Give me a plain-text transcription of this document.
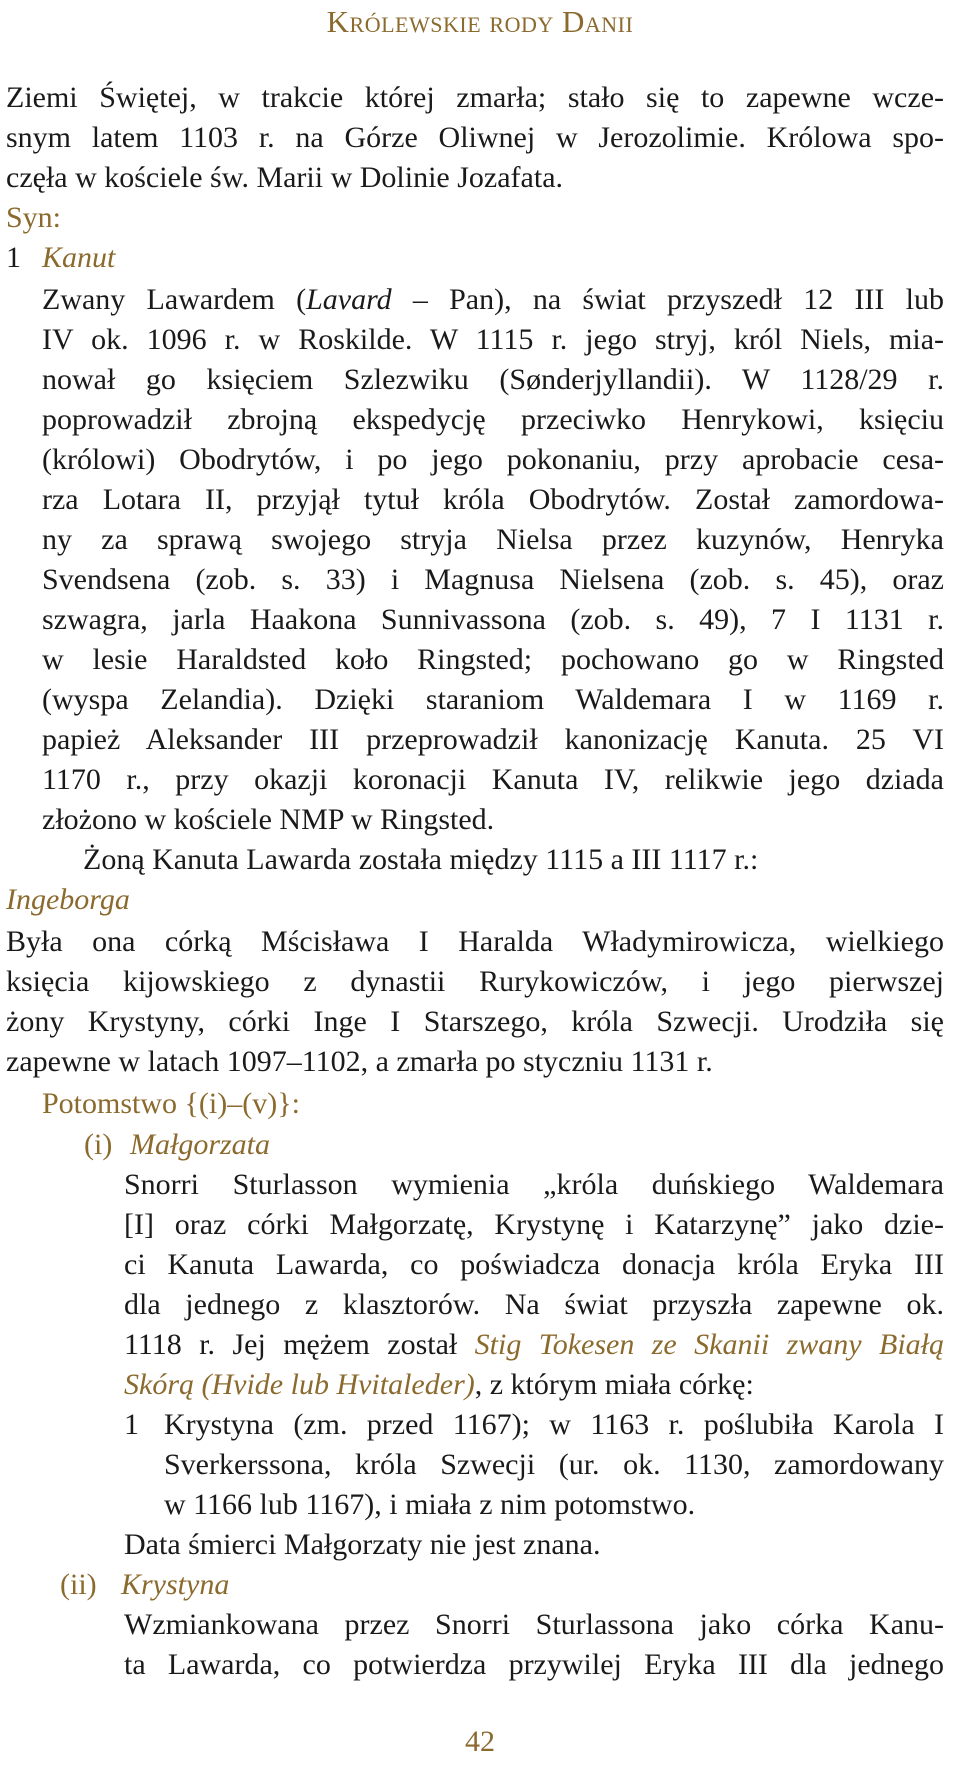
Królewskie rody Danii
Ziemi Świętej, w trakcie której zmarła; stało się to zapewne wcze-
snym latem 1103 r. na Górze Oliwnej w Jerozolimie. Królowa spo-
częła w kościele św. Marii w Dolinie Jozafata.
Syn:
1 Kanut
Zwany Lawardem (Lavard – Pan), na świat przyszedł 12 III lub
IV ok. 1096 r. w Roskilde. W 1115 r. jego stryj, król Niels, mia-
nował go księciem Szlezwiku (Sønderjyllandii). W 1128/29 r.
poprowadził zbrojną ekspedycję przeciwko Henrykowi, księciu
(królowi) Obodrytów, i po jego pokonaniu, przy aprobacie cesa-
rza Lotara II, przyjął tytuł króla Obodrytów. Został zamordowa-
ny za sprawą swojego stryja Nielsa przez kuzynów, Henryka
Svendsena (zob. s. 33) i Magnusa Nielsena (zob. s. 45), oraz
szwagra, jarla Haakona Sunnivassona (zob. s. 49), 7 I 1131 r.
w lesie Haraldsted koło Ringsted; pochowano go w Ringsted
(wyspa Zelandia). Dzięki staraniom Waldemara I w 1169 r.
papież Aleksander III przeprowadził kanonizację Kanuta. 25 VI
1170 r., przy okazji koronacji Kanuta IV, relikwie jego dziada
złożono w kościele NMP w Ringsted.
Żoną Kanuta Lawarda została między 1115 a III 1117 r.:
Ingeborga
Była ona córką Mścisława I Haralda Władymirowicza, wielkiego
księcia kijowskiego z dynastii Rurykowiczów, i jego pierwszej
żony Krystyny, córki Inge I Starszego, króla Szwecji. Urodziła się
zapewne w latach 1097–1102, a zmarła po styczniu 1131 r.
Potomstwo {(i)–(v)}:
(i) Małgorzata
Snorri Sturlasson wymienia „króla duńskiego Waldemara
[I] oraz córki Małgorzatę, Krystynę i Katarzynę” jako dzie-
ci Kanuta Lawarda, co poświadcza donacja króla Eryka III
dla jednego z klasztorów. Na świat przyszła zapewne ok.
1118 r. Jej mężem został Stig Tokesen ze Skanii zwany Białą
Skórą (Hvide lub Hvitaleder), z którym miała córkę:
1 Krystyna (zm. przed 1167); w 1163 r. poślubiła Karola I
Sverkerssona, króla Szwecji (ur. ok. 1130, zamordowany
w 1166 lub 1167), i miała z nim potomstwo.
Data śmierci Małgorzaty nie jest znana.
(ii) Krystyna
Wzmiankowana przez Snorri Sturlassona jako córka Kanu-
ta Lawarda, co potwierdza przywilej Eryka III dla jednego
42
